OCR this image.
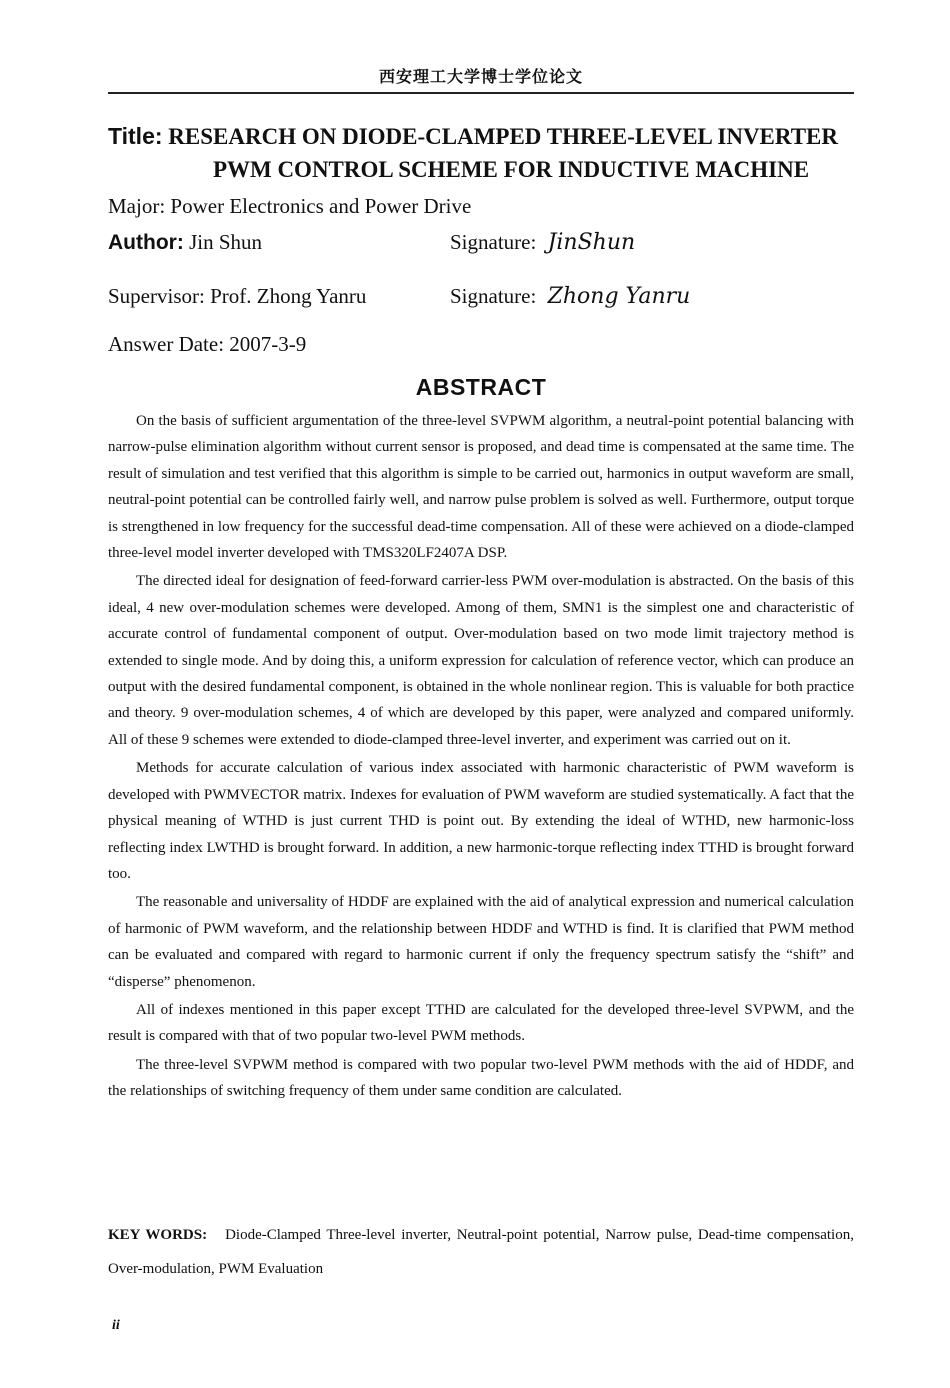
西安理工大学博士学位论文
Title: RESEARCH ON DIODE-CLAMPED THREE-LEVEL INVERTER
PWM CONTROL SCHEME FOR INDUCTIVE MACHINE
Major: Power Electronics and Power Drive
Author: Jin Shun	Signature: JinShun
Supervisor: Prof. Zhong Yanru	Signature: Zhong Yanru
Answer Date: 2007-3-9
ABSTRACT

On the basis of sufficient argumentation of the three-level SVPWM algorithm, a neutral-point potential balancing with narrow-pulse elimination algorithm without current sensor is proposed, and dead time is compensated at the same time. The result of simulation and test verified that this algorithm is simple to be carried out, harmonics in output waveform are small, neutral-point potential can be controlled fairly well, and narrow pulse problem is solved as well. Furthermore, output torque is strengthened in low frequency for the successful dead-time compensation. All of these were achieved on a diode-clamped three-level model inverter developed with TMS320LF2407A DSP.

The directed ideal for designation of feed-forward carrier-less PWM over-modulation is abstracted. On the basis of this ideal, 4 new over-modulation schemes were developed. Among of them, SMN1 is the simplest one and characteristic of accurate control of fundamental component of output. Over-modulation based on two mode limit trajectory method is extended to single mode. And by doing this, a uniform expression for calculation of reference vector, which can produce an output with the desired fundamental component, is obtained in the whole nonlinear region. This is valuable for both practice and theory. 9 over-modulation schemes, 4 of which are developed by this paper, were analyzed and compared uniformly. All of these 9 schemes were extended to diode-clamped three-level inverter, and experiment was carried out on it.

Methods for accurate calculation of various index associated with harmonic characteristic of PWM waveform is developed with PWMVECTOR matrix. Indexes for evaluation of PWM waveform are studied systematically. A fact that the physical meaning of WTHD is just current THD is point out. By extending the ideal of WTHD, new harmonic-loss reflecting index LWTHD is brought forward. In addition, a new harmonic-torque reflecting index TTHD is brought forward too.

The reasonable and universality of HDDF are explained with the aid of analytical expression and numerical calculation of harmonic of PWM waveform, and the relationship between HDDF and WTHD is find. It is clarified that PWM method can be evaluated and compared with regard to harmonic current if only the frequency spectrum satisfy the “shift” and “disperse” phenomenon.

All of indexes mentioned in this paper except TTHD are calculated for the developed three-level SVPWM, and the result is compared with that of two popular two-level PWM methods.

The three-level SVPWM method is compared with two popular two-level PWM methods with the aid of HDDF, and the relationships of switching frequency of them under same condition are calculated.

KEY WORDS: Diode-Clamped Three-level inverter, Neutral-point potential, Narrow pulse, Dead-time compensation, Over-modulation, PWM Evaluation
ii
